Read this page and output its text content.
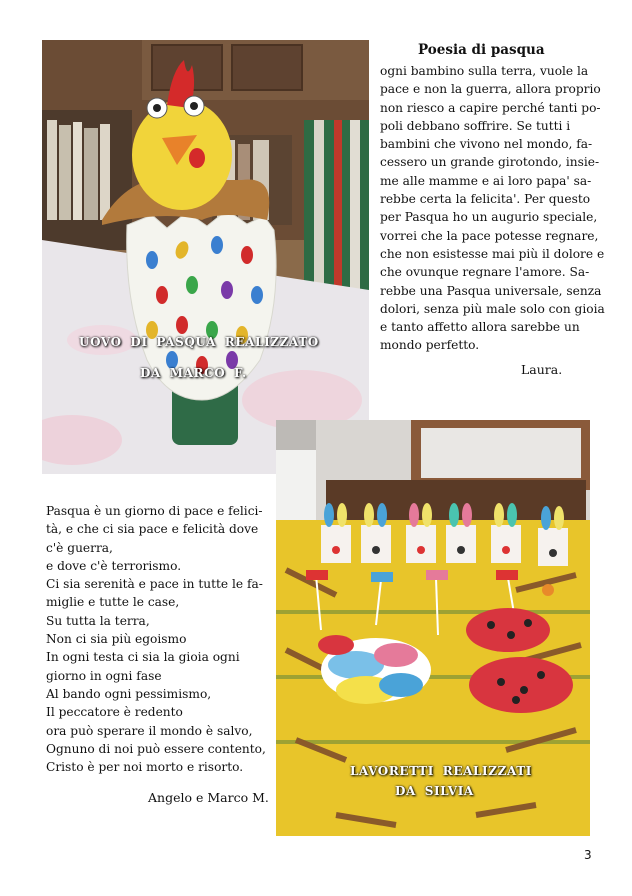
UOVO DI PASQUA REALIZZATO
DA MARCO F.
Poesia di pasqua
ogni bambino sulla terra, vuole la
pace e non la guerra, allora proprio
non riesco a capire perché tanti po-
poli debbano soffrire. Se tutti i
bambini che vivono nel mondo, fa-
cessero un grande girotondo, insie-
me alle mamme e ai loro papa' sa-
rebbe certa la felicita'. Per questo
per Pasqua ho un augurio speciale,
vorrei che la pace potesse regnare,
che non esistesse mai più il dolore e
che ovunque regnare l'amore. Sa-
rebbe una Pasqua universale, senza
dolori, senza più male solo con gioia
e tanto affetto allora sarebbe un
mondo perfetto.
Laura.
LAVORETTI REALIZZATI
DA SILVIA
Pasqua è un giorno di pace e felici-
tà, e che ci sia pace e felicità dove
c'è guerra,
e dove c'è terrorismo.
Ci sia serenità e pace in tutte le fa-
miglie e tutte le case,
Su tutta la terra,
Non ci sia più egoismo
In ogni testa ci sia la gioia ogni
giorno in ogni fase
Al bando ogni pessimismo,
Il peccatore è redento
ora può sperare il mondo è salvo,
Ognuno di noi può essere contento,
Cristo è per noi morto e risorto.
Angelo e Marco M.
3
